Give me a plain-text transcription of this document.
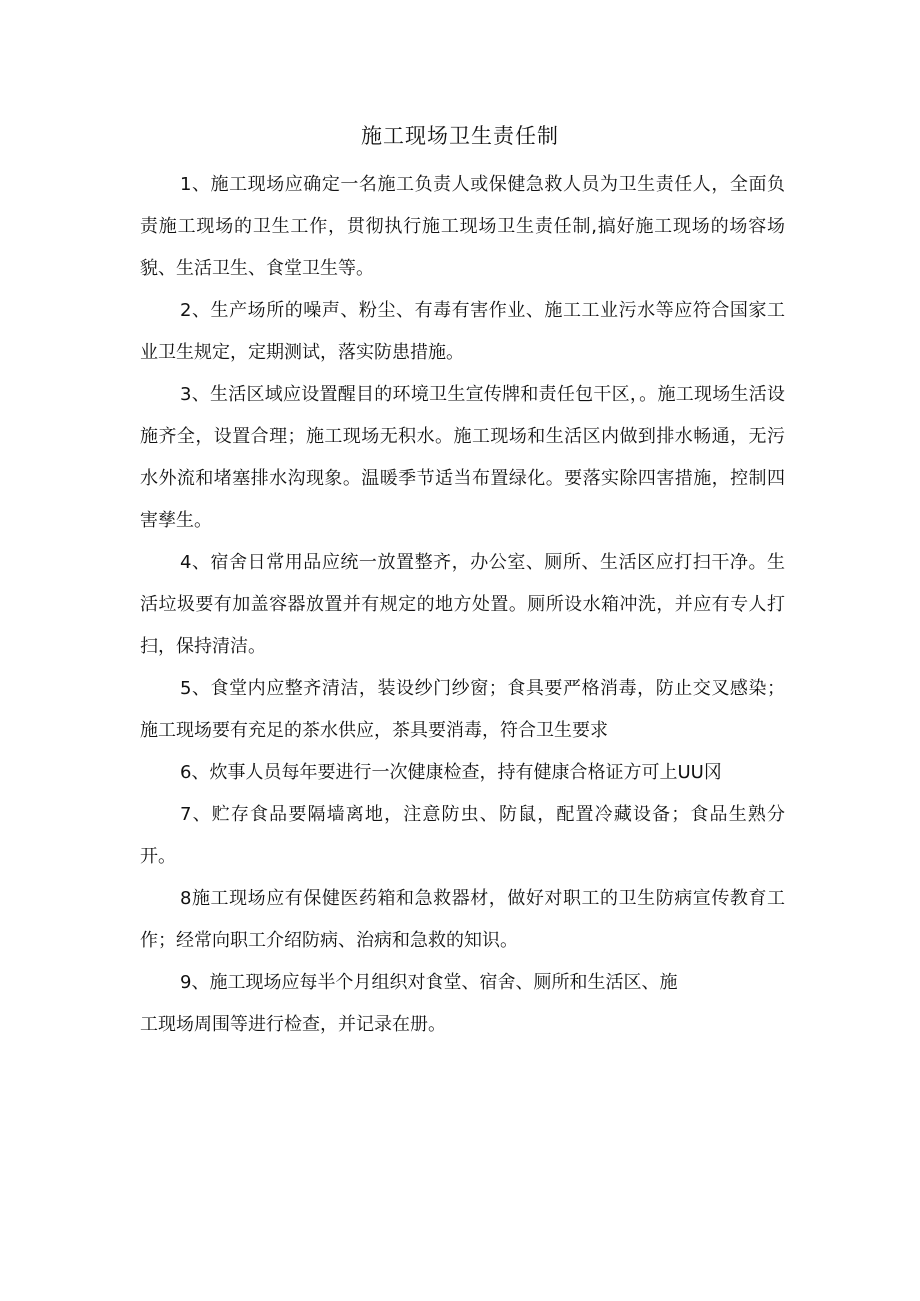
施工现场卫生责任制

1、施工现场应确定一名施工负责人或保健急救人员为卫生责任人，全面负责施工现场的卫生工作，贯彻执行施工现场卫生责任制,搞好施工现场的场容场貌、生活卫生、食堂卫生等。

2、生产场所的噪声、粉尘、有毒有害作业、施工工业污水等应符合国家工业卫生规定，定期测试，落实防患措施。

3、生活区域应设置醒目的环境卫生宣传牌和责任包干区，。施工现场生活设施齐全，设置合理；施工现场无积水。施工现场和生活区内做到排水畅通，无污水外流和堵塞排水沟现象。温暖季节适当布置绿化。要落实除四害措施，控制四害孳生。

4、宿舍日常用品应统一放置整齐，办公室、厕所、生活区应打扫干净。生活垃圾要有加盖容器放置并有规定的地方处置。厕所设水箱冲洗，并应有专人打扫，保持清洁。

5、食堂内应整齐清洁，装设纱门纱窗；食具要严格消毒，防止交叉感染；施工现场要有充足的茶水供应，茶具要消毒，符合卫生要求

6、炊事人员每年要进行一次健康检查，持有健康合格证方可上UU冈

7、贮存食品要隔墙离地，注意防虫、防鼠，配置冷藏设备；食品生熟分开。

8施工现场应有保健医药箱和急救器材，做好对职工的卫生防病宣传教育工作；经常向职工介绍防病、治病和急救的知识。

9、施工现场应每半个月组织对食堂、宿舍、厕所和生活区、施

工现场周围等进行检查，并记录在册。
